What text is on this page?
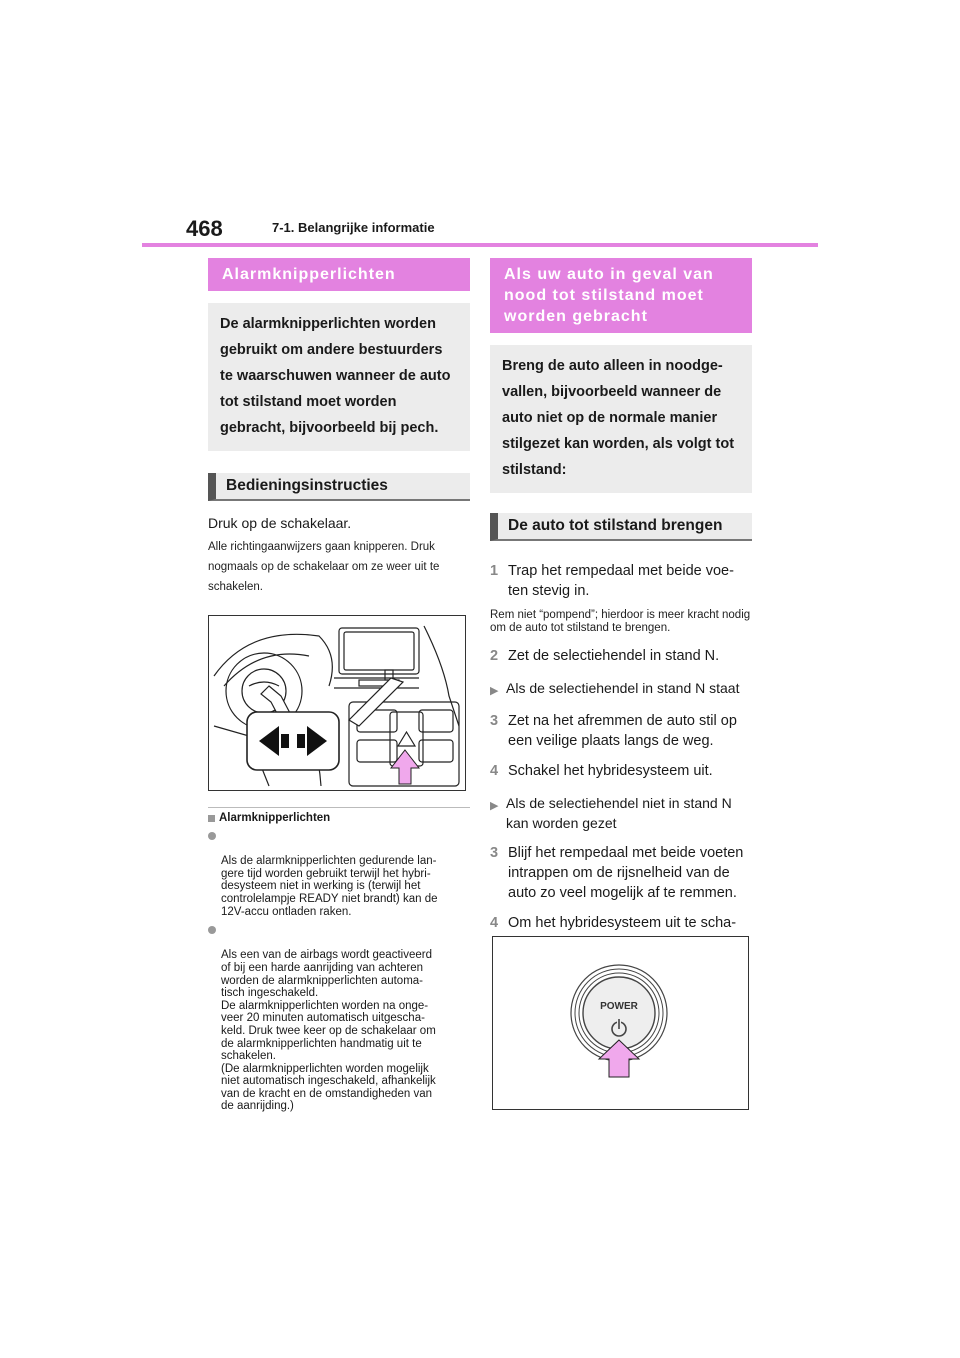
468	7-1. Belangrijke informatie
Alarmknipperlichten
De alarmknipperlichten worden gebruikt om andere bestuurders te waarschuwen wanneer de auto tot stilstand moet worden gebracht, bijvoorbeeld bij pech.
Bedieningsinstructies
Druk op de schakelaar.
Alle richtingaanwijzers gaan knipperen. Druk nogmaals op de schakelaar om ze weer uit te schakelen.
Alarmknipperlichten

Als de alarmknipperlichten gedurende lan-
gere tijd worden gebruikt terwijl het hybri-
desysteem niet in werking is (terwijl het
controlelampje READY niet brandt) kan de
12V-accu ontladen raken.

Als een van de airbags wordt geactiveerd
of bij een harde aanrijding van achteren
worden de alarmknipperlichten automa-
tisch ingeschakeld.
De alarmknipperlichten worden na onge-
veer 20 minuten automatisch uitgescha-
keld. Druk twee keer op de schakelaar om
de alarmknipperlichten handmatig uit te
schakelen.
(De alarmknipperlichten worden mogelijk
niet automatisch ingeschakeld, afhankelijk
van de kracht en de omstandigheden van
de aanrijding.)

Als uw auto in geval van nood tot stilstand moet worden gebracht
Breng de auto alleen in noodge-vallen, bijvoorbeeld wanneer de auto niet op de normale manier stilgezet kan worden, als volgt tot stilstand:
De auto tot stilstand brengen
1 Trap het rempedaal met beide voe-ten stevig in.
Rem niet “pompend”; hierdoor is meer kracht nodig om de auto tot stilstand te brengen.
2 Zet de selectiehendel in stand N.
▶ Als de selectiehendel in stand N staat
3 Zet na het afremmen de auto stil op een veilige plaats langs de weg.
4 Schakel het hybridesysteem uit.
▶ Als de selectiehendel niet in stand N kan worden gezet
3 Blijf het rempedaal met beide voeten intrappen om de rijsnelheid van de auto zo veel mogelijk af te remmen.
4 Om het hybridesysteem uit te scha-
POWER
